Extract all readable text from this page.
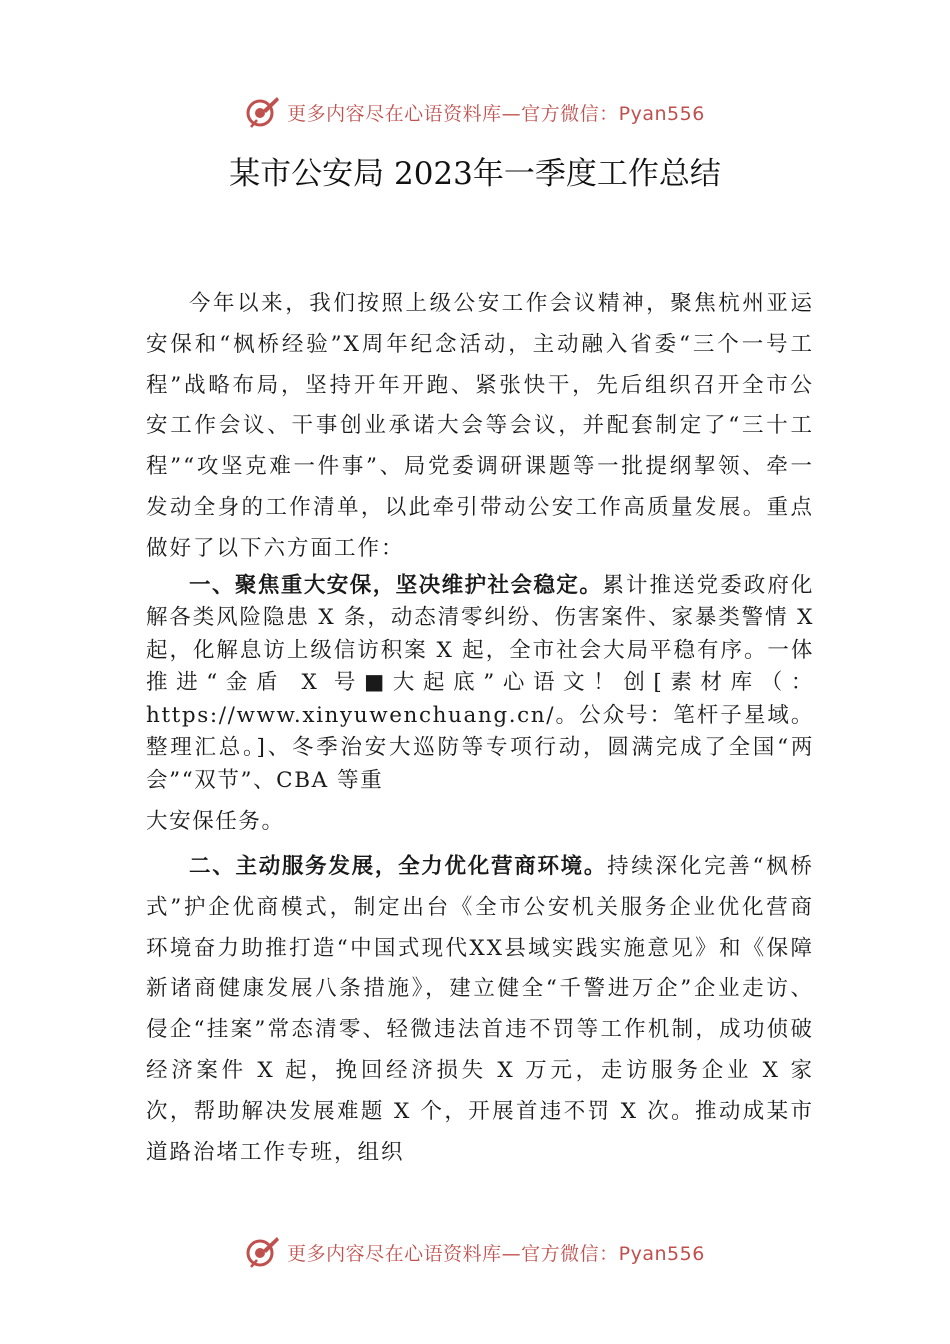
更多内容尽在心语资料库—官方微信：Pyan556
某市公安局 2023年一季度工作总结

今年以来，我们按照上级公安工作会议精神，聚焦杭州亚运安保和“枫桥经验”X周年纪念活动，主动融入省委“三个一号工程”战略布局，坚持开年开跑、紧张快干，先后组织召开全市公安工作会议、干事创业承诺大会等会议，并配套制定了“三十工程”“攻坚克难一件事”、局党委调研课题等一批提纲挈领、牵一发动全身的工作清单，以此牵引带动公安工作高质量发展。重点做好了以下六方面工作：

一、聚焦重大安保，坚决维护社会稳定。累计推送党委政府化解各类风险隐患 X 条，动态清零纠纷、伤害案件、家暴类警情 X 起，化解息访上级信访积案 X 起，全市社会大局平稳有序。一体推进“金盾 X 号■大起底”心语文！创[素材库（：https://www.xinyuwenchuang.cn/。公众号：笔杆子星域。整理汇总。]、冬季治安大巡防等专项行动，圆满完成了全国“两会”“双节”、CBA 等重
大安保任务。

二、主动服务发展，全力优化营商环境。持续深化完善“枫桥式”护企优商模式，制定出台《全市公安机关服务企业优化营商环境奋力助推打造“中国式现代XX县域实践实施意见》和《保障新诸商健康发展八条措施》，建立健全“千警进万企”企业走访、侵企“挂案”常态清零、轻微违法首违不罚等工作机制，成功侦破经济案件 X 起，挽回经济损失 X 万元，走访服务企业 X 家次，帮助解决发展难题 X 个，开展首违不罚 X 次。推动成某市道路治堵工作专班，组织

更多内容尽在心语资料库—官方微信：Pyan556
